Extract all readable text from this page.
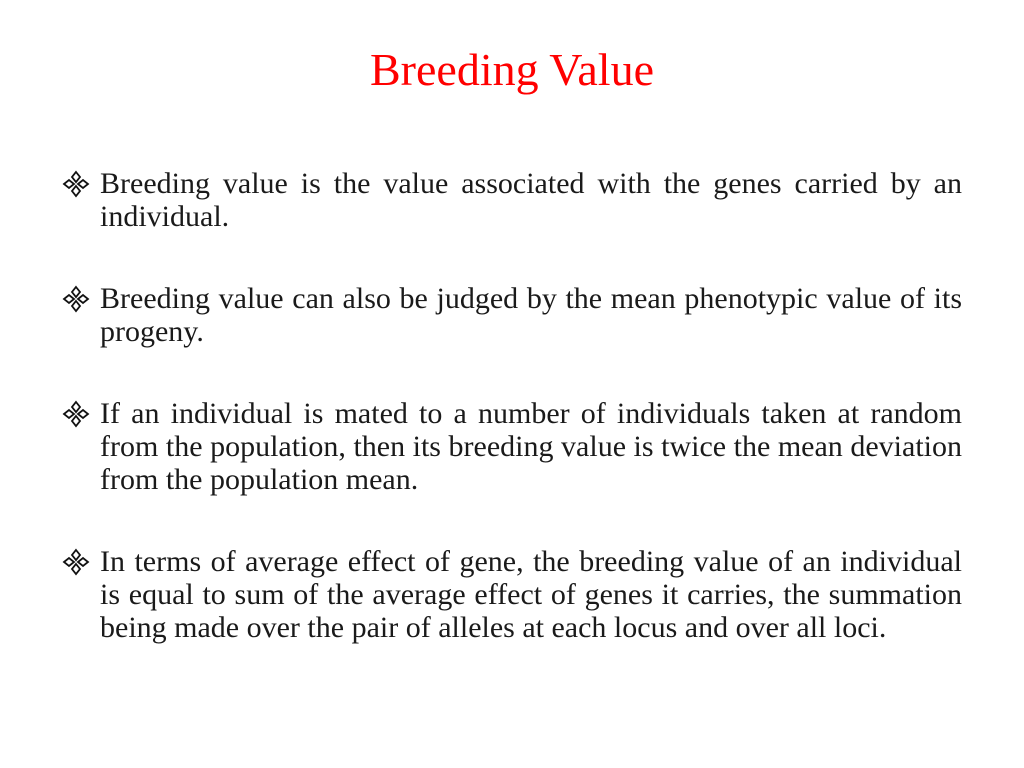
Breeding Value
Breeding value is the value associated with the genes carried by an individual.
Breeding value can also be judged by the mean phenotypic value of its progeny.
If an individual is mated to a number of individuals taken at random from the population, then its breeding value is twice the mean deviation from the population mean.
In terms of average effect of gene, the breeding value of an individual is equal to sum of the average effect of genes it carries, the summation being made over the pair of alleles at each locus and over all loci.
